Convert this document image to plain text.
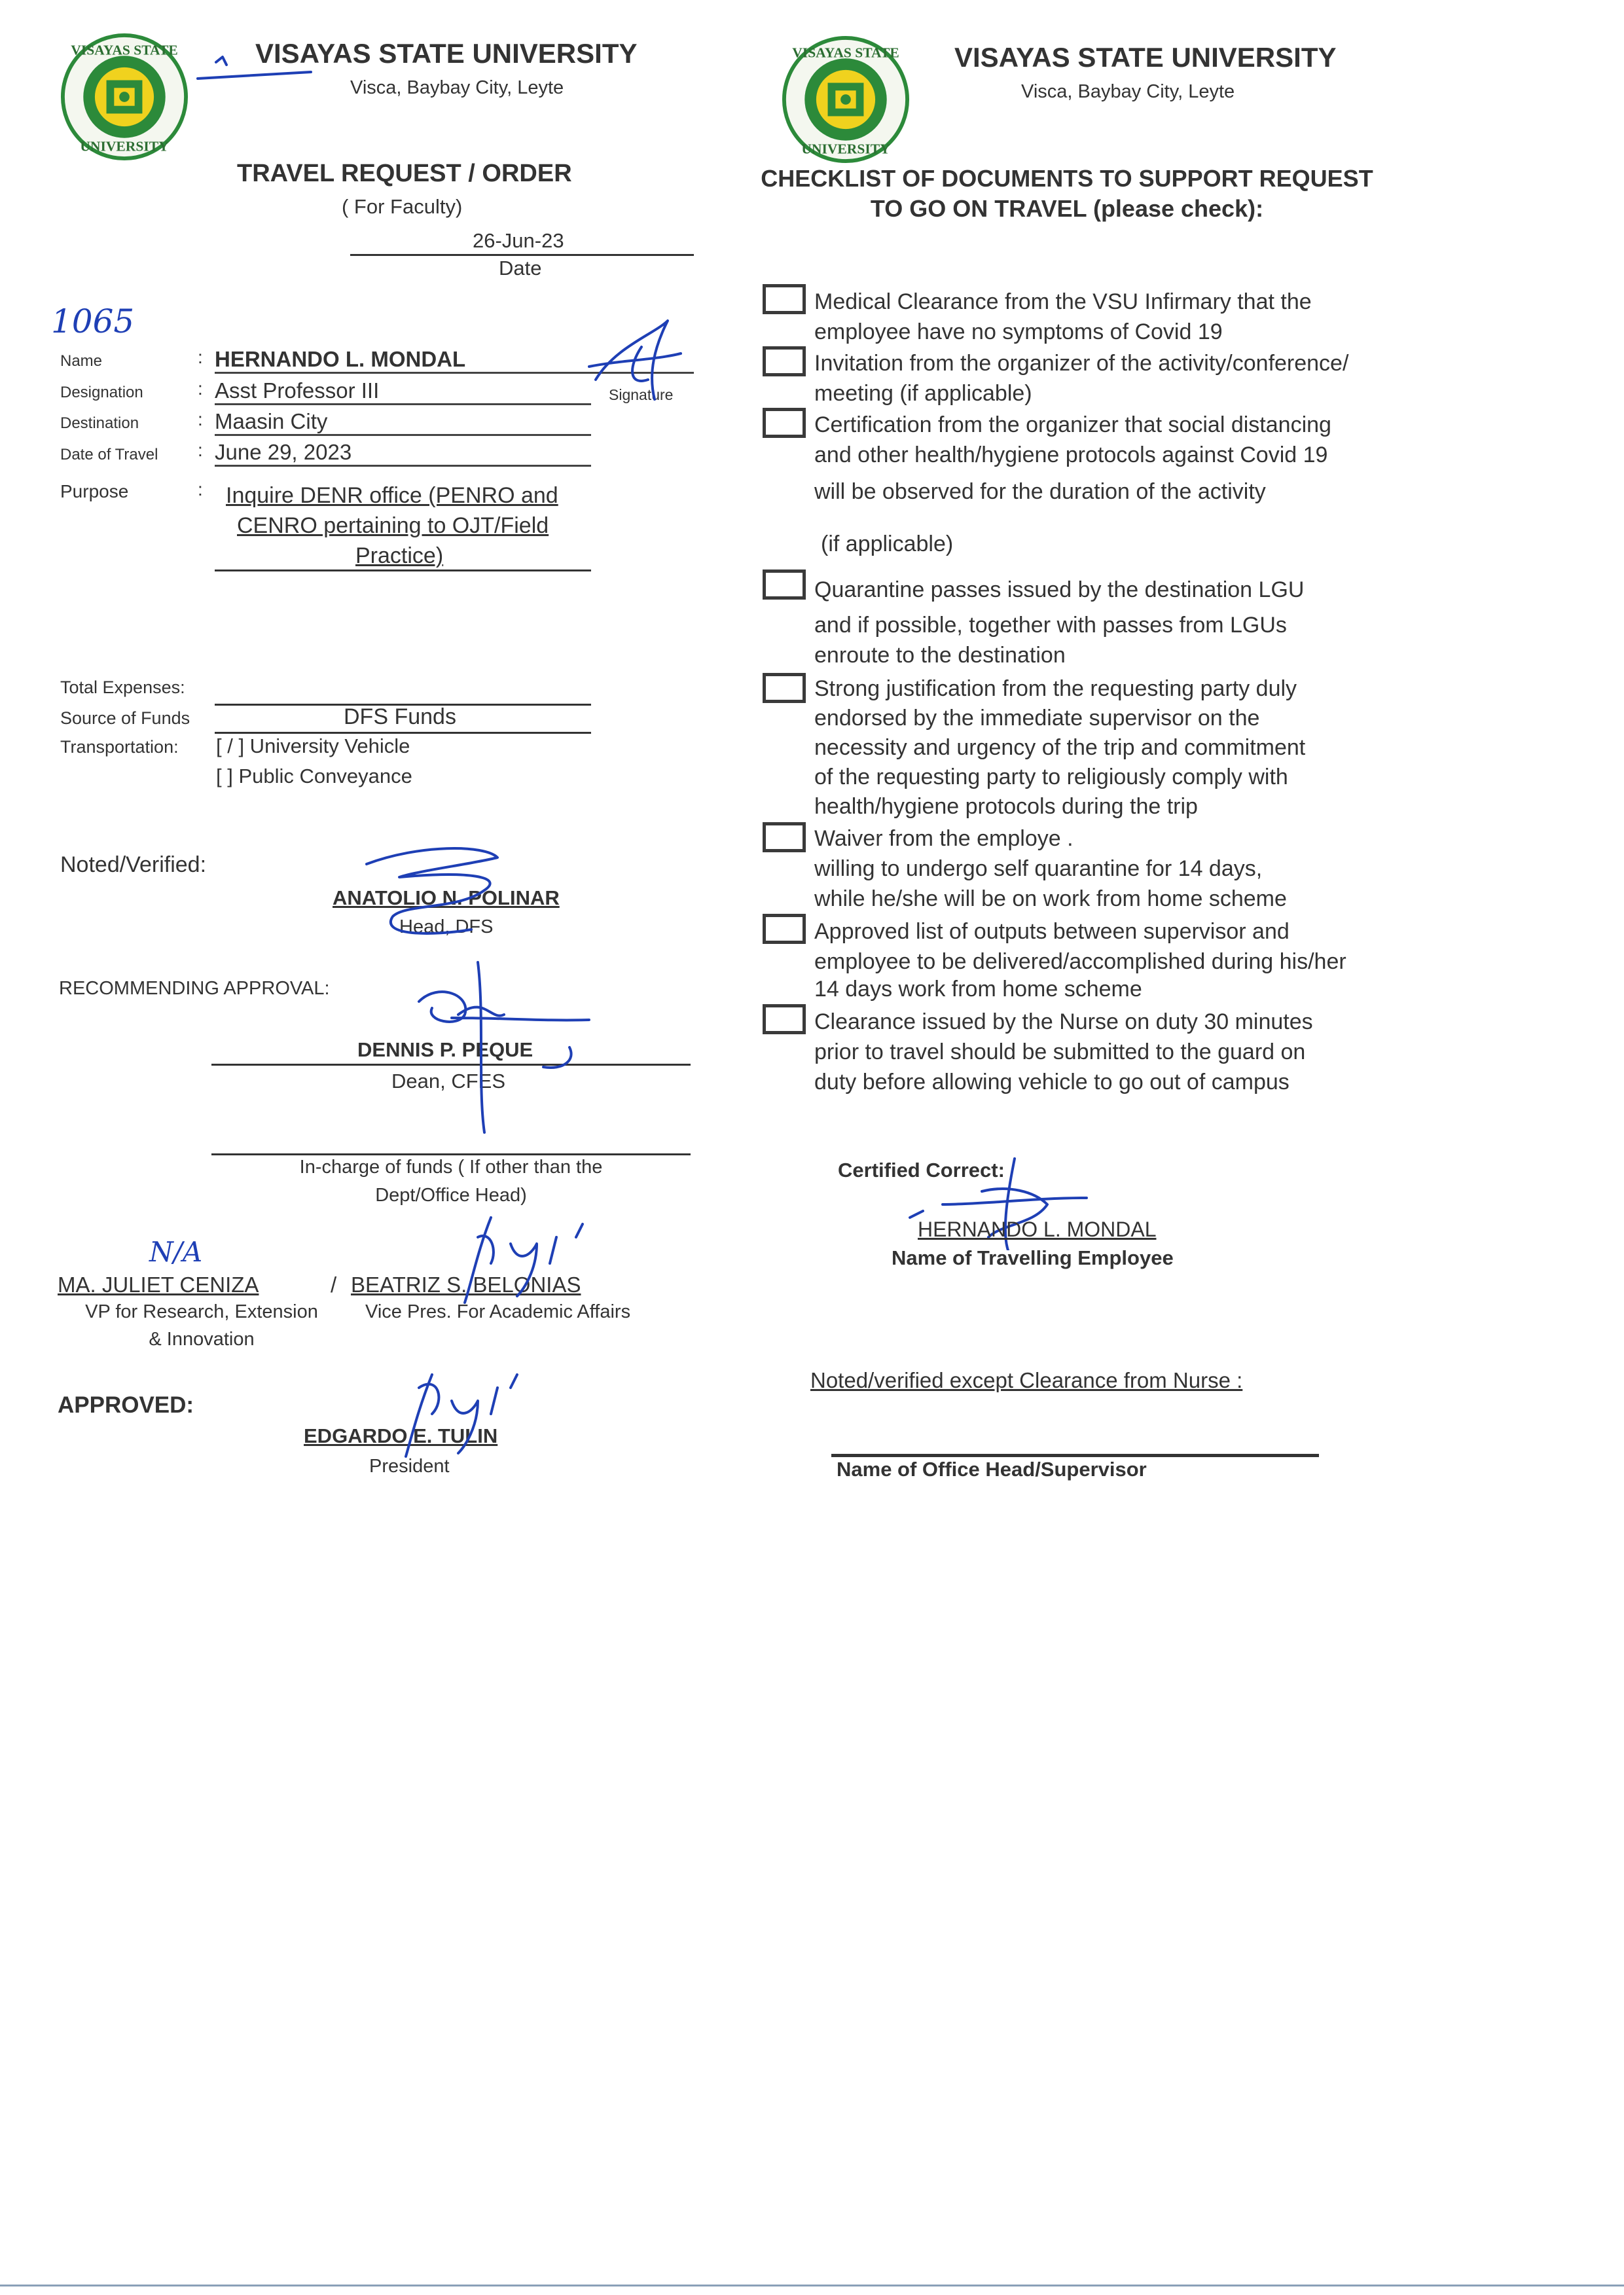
VISAYAS STATE
UNIVERSITY
VISAYAS STATE UNIVERSITY
Visca, Baybay City, Leyte
TRAVEL REQUEST / ORDER
( For Faculty)
26-Jun-23
Date
1065
Name	: HERNANDO L. MONDAL
Signature
Designation	: Asst Professor III
Destination	: Maasin City
Date of Travel : June 29, 2023
Purpose	: Inquire DENR office (PENRO and
CENRO pertaining to OJT/Field
Practice)
Total Expenses:
Source of Funds	DFS Funds
Transportation: [ / ] University Vehicle
[ ] Public Conveyance
Noted/Verified:
ANATOLIO N. POLINAR
Head, DFS
RECOMMENDING APPROVAL:
DENNIS P. PEQUE
Dean, CFES
In-charge of funds ( If other than the
Dept/Office Head)
N/A
MA. JULIET CENIZA	/ BEATRIZ S. BELONIAS
VP for Research, Extension
& Innovation
Vice Pres. For Academic Affairs
APPROVED:
EDGARDO E. TULIN
President
VISAYAS STATE
UNIVERSITY
VISAYAS STATE UNIVERSITY
Visca, Baybay City, Leyte
CHECKLIST OF DOCUMENTS TO SUPPORT REQUEST
TO GO ON TRAVEL (please check):
Medical Clearance from the VSU Infirmary that the
employee have no symptoms of Covid 19
Invitation from the organizer of the activity/conference/
meeting (if applicable)
Certification from the organizer that social distancing
and other health/hygiene protocols against Covid 19
will be observed for the duration of the activity
(if applicable)
Quarantine passes issued by the destination LGU
and if possible, together with passes from LGUs
enroute to the destination
Strong justification from the requesting party duly
endorsed by the immediate supervisor on the
necessity and urgency of the trip and commitment
of the requesting party to religiously comply with
health/hygiene protocols during the trip
Waiver from the employe .
willing to undergo self quarantine for 14 days,
while he/she will be on work from home scheme
Approved list of outputs between supervisor and
employee to be delivered/accomplished during his/her
14 days work from home scheme
Clearance issued by the Nurse on duty 30 minutes
prior to travel should be submitted to the guard on
duty before allowing vehicle to go out of campus
Certified Correct:
HERNANDO L. MONDAL
Name of Travelling Employee
Noted/verified except Clearance from Nurse :
Name of Office Head/Supervisor
